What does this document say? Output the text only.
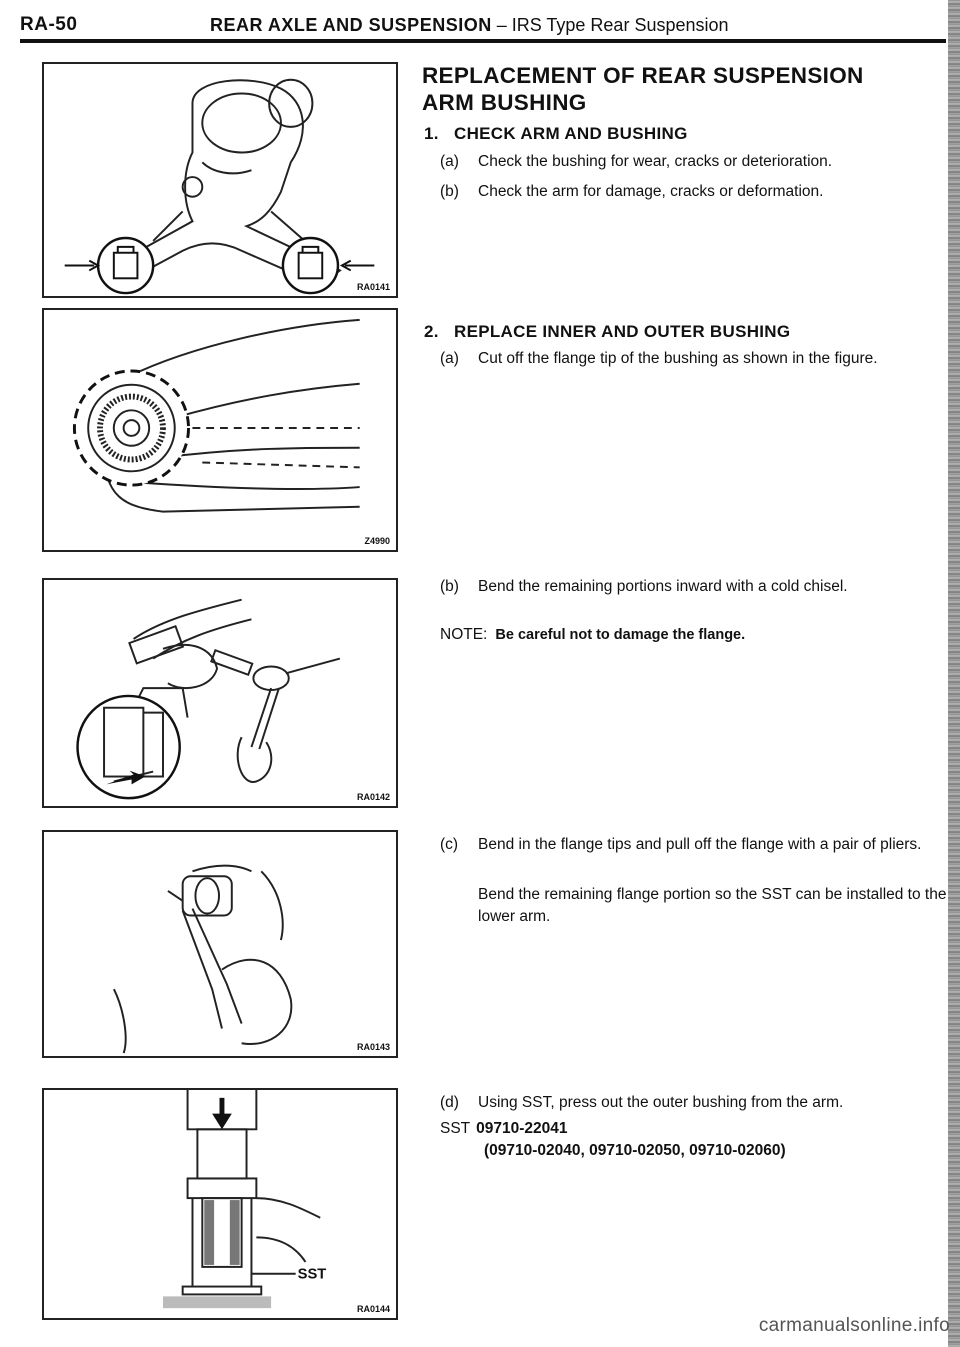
RA-50	REAR AXLE AND SUSPENSION – IRS Type Rear Suspension
RA0141
Z4990
RA0142
RA0143
SST
RA0144
REPLACEMENT OF REAR SUSPENSION
ARM BUSHING
1. CHECK ARM AND BUSHING
(a) Check the bushing for wear, cracks or deterioration.
(b) Check the arm for damage, cracks or deformation.
2. REPLACE INNER AND OUTER BUSHING
(a) Cut off the flange tip of the bushing as shown in the figure.
(b) Bend the remaining portions inward with a cold chisel.
NOTE: Be careful not to damage the flange.
(c) Bend in the flange tips and pull off the flange with a pair of pliers.
Bend the remaining flange portion so the SST can be installed to the lower arm.
(d) Using SST, press out the outer bushing from the arm.
SST 09710-22041
(09710-02040, 09710-02050, 09710-02060)
carmanualsonline.info
